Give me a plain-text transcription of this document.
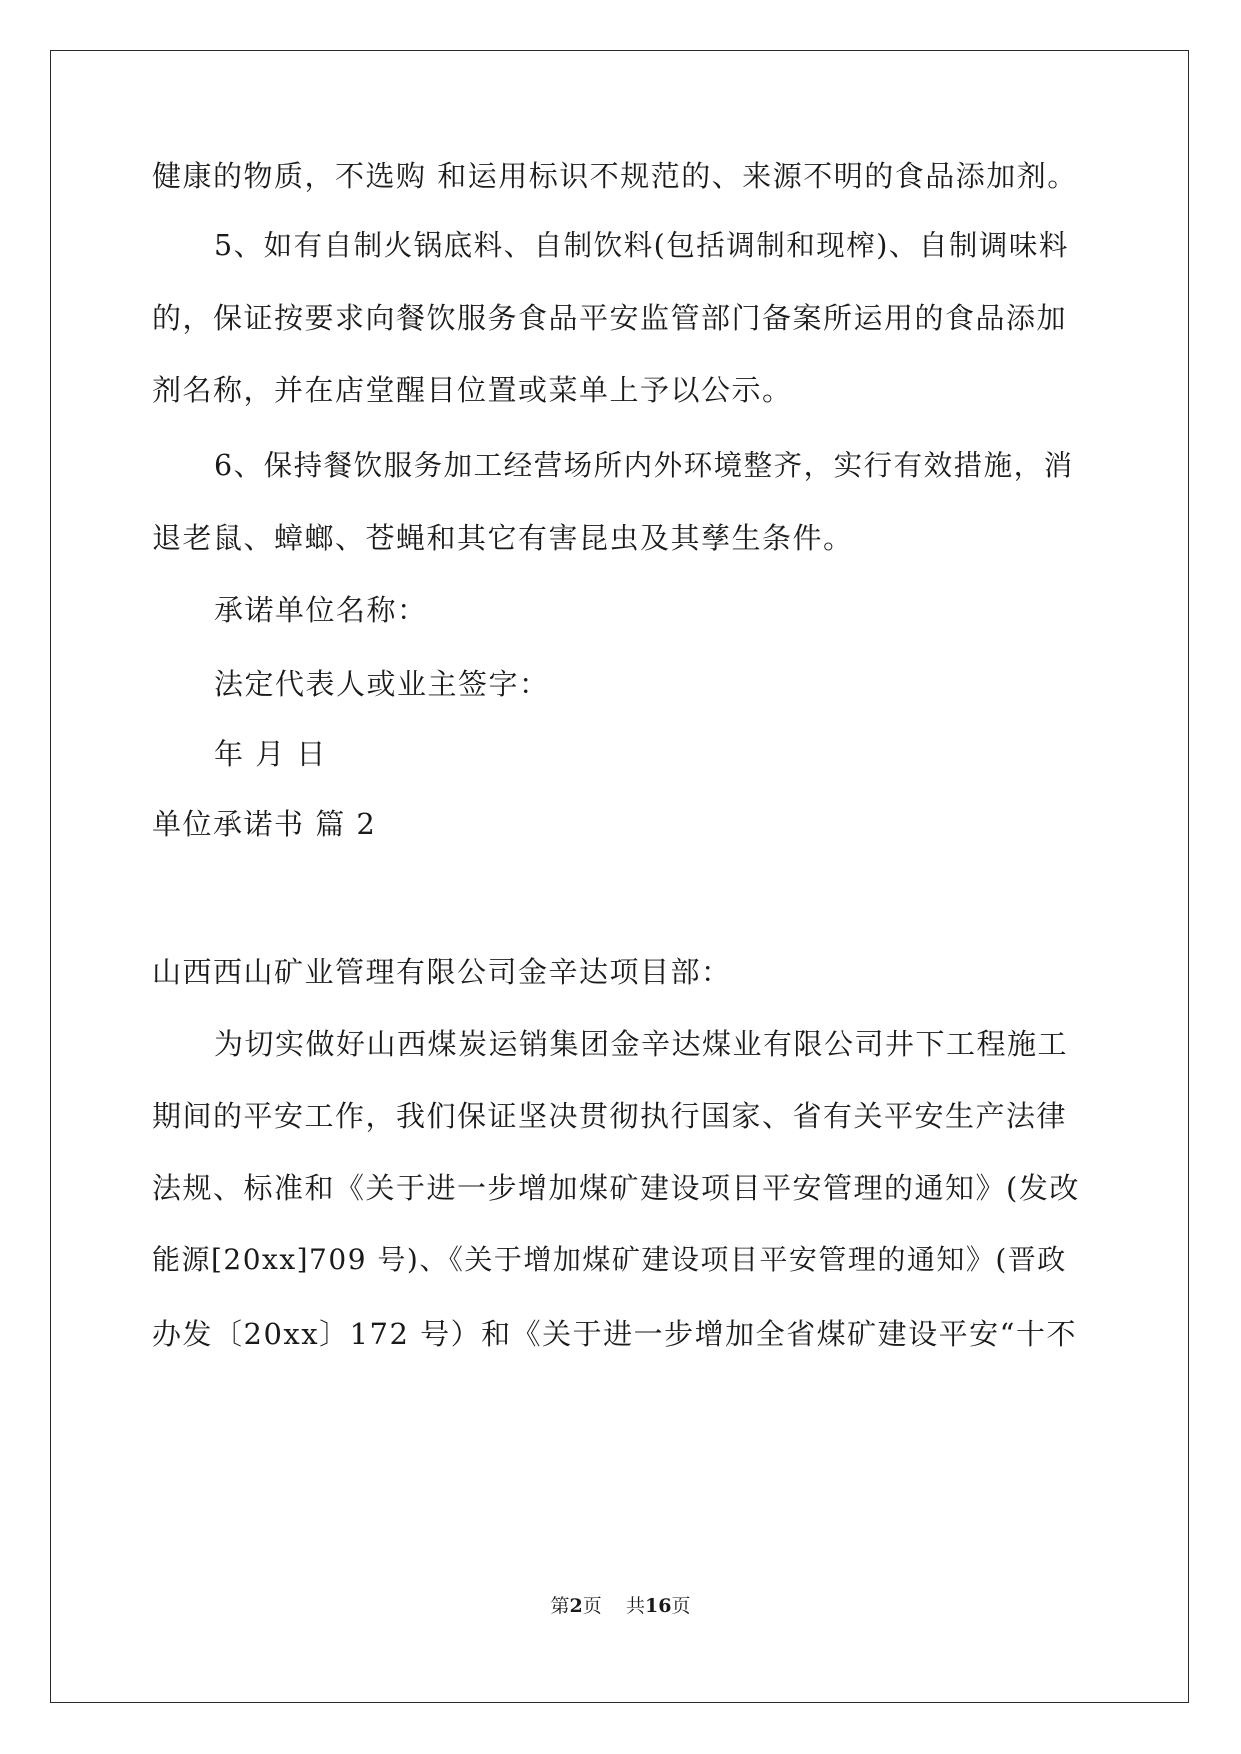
健康的物质，不选购 和运用标识不规范的、来源不明的食品添加剂。

5、如有自制火锅底料、自制饮料(包括调制和现榨)、自制调味料

的，保证按要求向餐饮服务食品平安监管部门备案所运用的食品添加

剂名称，并在店堂醒目位置或菜单上予以公示。

6、保持餐饮服务加工经营场所内外环境整齐，实行有效措施，消

退老鼠、蟑螂、苍蝇和其它有害昆虫及其孳生条件。

承诺单位名称：

法定代表人或业主签字：

年 月 日

单位承诺书 篇 2

山西西山矿业管理有限公司金辛达项目部：

为切实做好山西煤炭运销集团金辛达煤业有限公司井下工程施工

期间的平安工作，我们保证坚决贯彻执行国家、省有关平安生产法律

法规、标准和《关于进一步增加煤矿建设项目平安管理的通知》(发改

能源[20xx]709 号)、《关于增加煤矿建设项目平安管理的通知》(晋政

办发〔20xx〕172 号）和《关于进一步增加全省煤矿建设平安“十不

第2页 共16页
